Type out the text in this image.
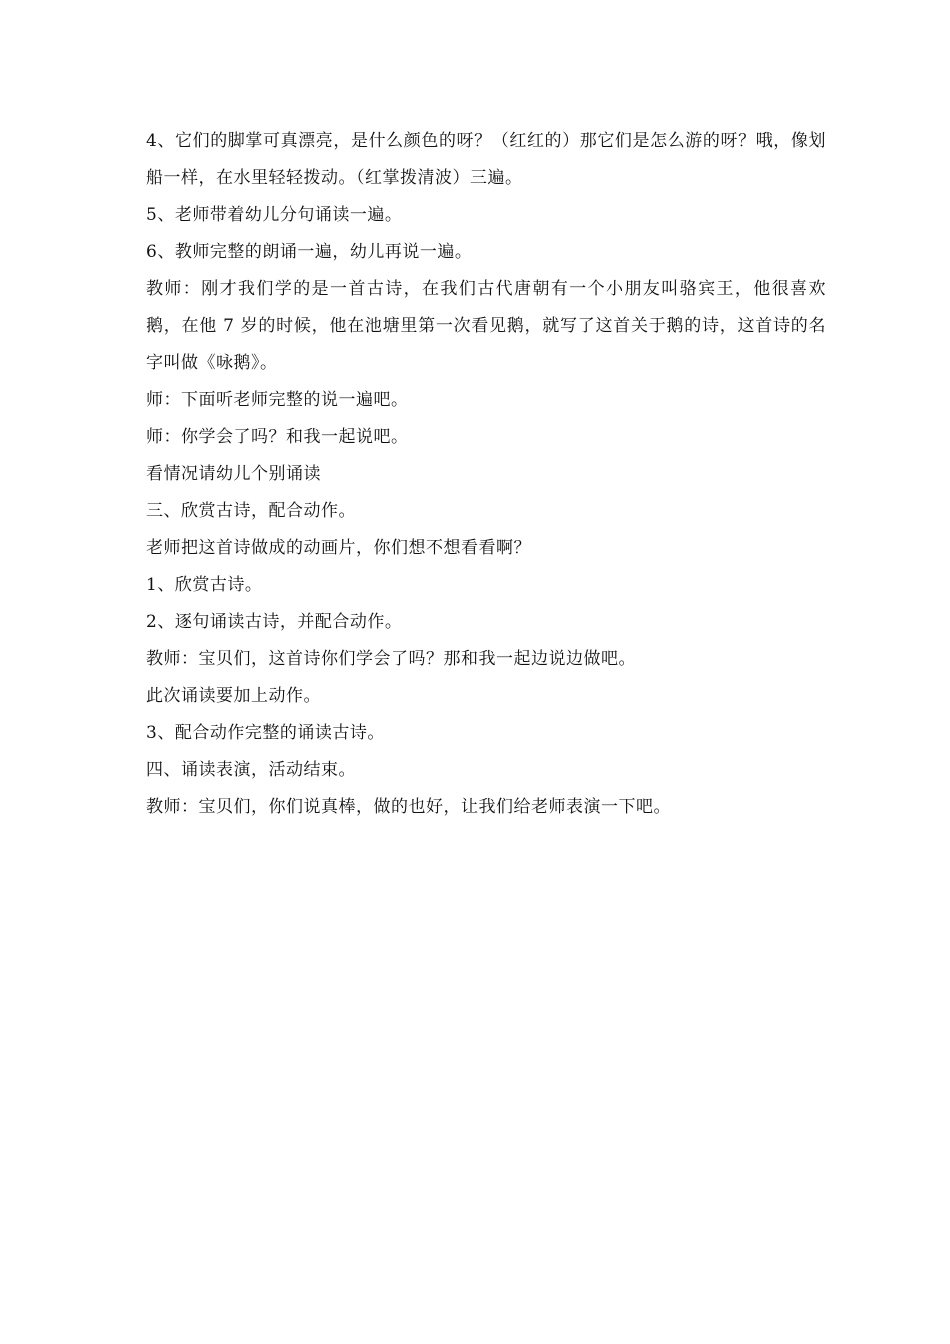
4、它们的脚掌可真漂亮，是什么颜色的呀？（红红的）那它们是怎么游的呀？哦，像划船一样，在水里轻轻拨动。（红掌拨清波）三遍。

5、老师带着幼儿分句诵读一遍。

6、教师完整的朗诵一遍，幼儿再说一遍。

教师：刚才我们学的是一首古诗，在我们古代唐朝有一个小朋友叫骆宾王，他很喜欢鹅，在他 7 岁的时候，他在池塘里第一次看见鹅，就写了这首关于鹅的诗，这首诗的名字叫做《咏鹅》。

师：下面听老师完整的说一遍吧。

师：你学会了吗？和我一起说吧。

看情况请幼儿个别诵读

三、欣赏古诗，配合动作。

老师把这首诗做成的动画片，你们想不想看看啊？

1、欣赏古诗。

2、逐句诵读古诗，并配合动作。

教师：宝贝们，这首诗你们学会了吗？那和我一起边说边做吧。

此次诵读要加上动作。

3、配合动作完整的诵读古诗。

四、诵读表演，活动结束。

教师：宝贝们，你们说真棒，做的也好，让我们给老师表演一下吧。
